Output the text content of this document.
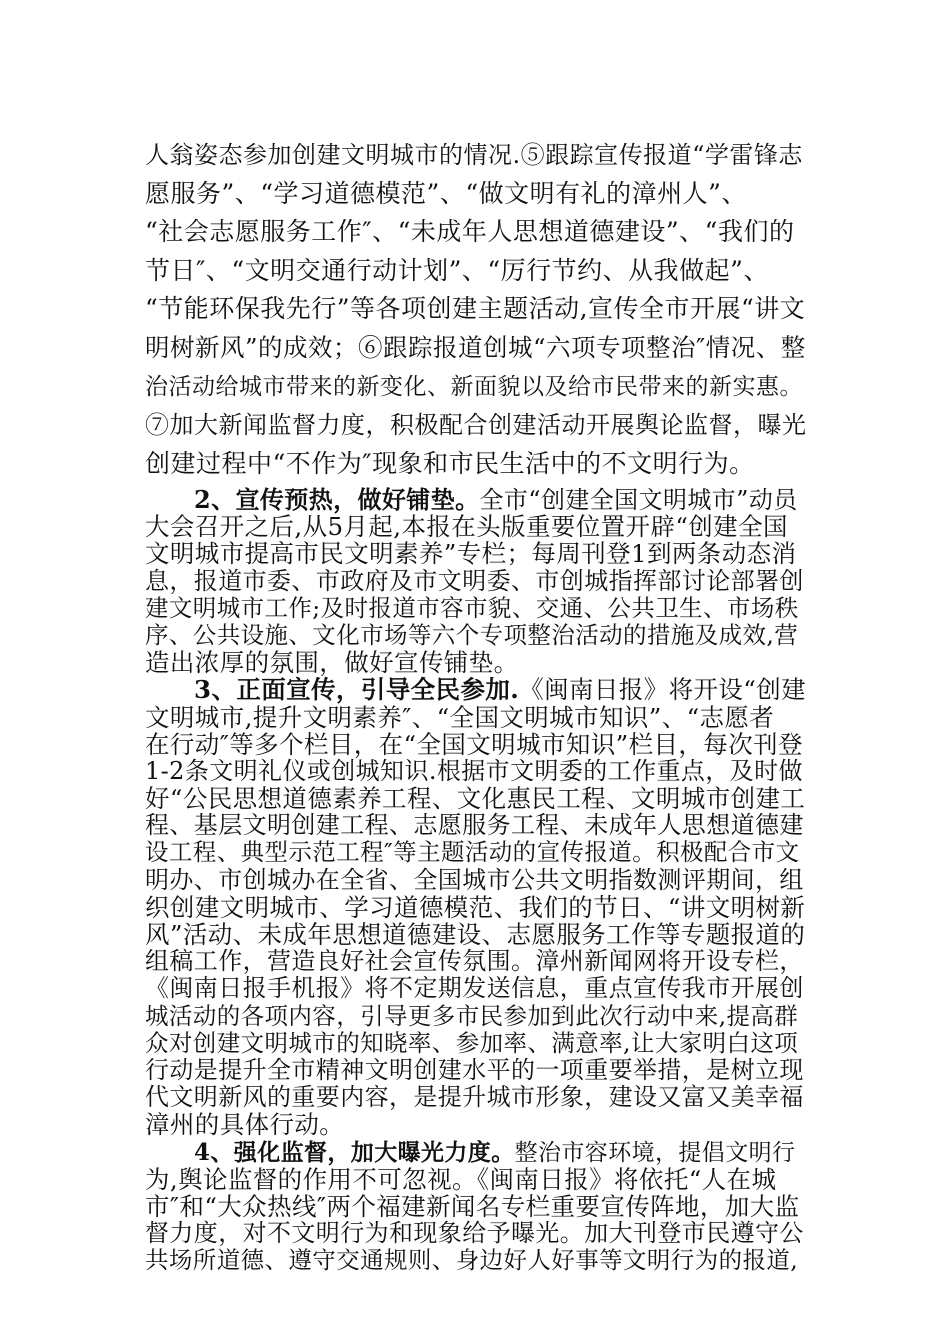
人翁姿态参加创建文明城市的情况.⑤跟踪宣传报道“学雷锋志
愿服务”、“学习道德模范”、“做文明有礼的漳州人”、
“社会志愿服务工作″、“未成年人思想道德建设”、“我们的
节日″、“文明交通行动计划”、“厉行节约、从我做起”、
“节能环保我先行”等各项创建主题活动,宣传全市开展“讲文
明树新风”的成效；⑥跟踪报道创城“六项专项整治″情况、整
治活动给城市带来的新变化、新面貌以及给市民带来的新实惠。
⑦加大新闻监督力度，积极配合创建活动开展舆论监督，曝光
创建过程中“不作为″现象和市民生活中的不文明行为。
2、宣传预热，做好铺垫。全市“创建全国文明城市”动员
大会召开之后,从5月起,本报在头版重要位置开辟“创建全国
文明城市提高市民文明素养”专栏；每周刊登1到两条动态消
息，报道市委、市政府及市文明委、市创城指挥部讨论部署创
建文明城市工作;及时报道市容市貌、交通、公共卫生、市场秩
序、公共设施、文化市场等六个专项整治活动的措施及成效,营
造出浓厚的氛围，做好宣传铺垫。
3、正面宣传，引导全民参加.《闽南日报》将开设“创建
文明城市,提升文明素养″、“全国文明城市知识”、“志愿者
在行动″等多个栏目，在“全国文明城市知识”栏目，每次刊登
1-2条文明礼仪或创城知识.根据市文明委的工作重点，及时做
好“公民思想道德素养工程、文化惠民工程、文明城市创建工
程、基层文明创建工程、志愿服务工程、未成年人思想道德建
设工程、典型示范工程″等主题活动的宣传报道。积极配合市文
明办、市创城办在全省、全国城市公共文明指数测评期间，组
织创建文明城市、学习道德模范、我们的节日、“讲文明树新
风”活动、未成年思想道德建设、志愿服务工作等专题报道的
组稿工作，营造良好社会宣传氛围。漳州新闻网将开设专栏，
《闽南日报手机报》将不定期发送信息，重点宣传我市开展创
城活动的各项内容，引导更多市民参加到此次行动中来,提高群
众对创建文明城市的知晓率、参加率、满意率,让大家明白这项
行动是提升全市精神文明创建水平的一项重要举措，是树立现
代文明新风的重要内容，是提升城市形象，建设又富又美幸福
漳州的具体行动。
4、强化监督，加大曝光力度。整治市容环境，提倡文明行
为,舆论监督的作用不可忽视。《闽南日报》将依托“人在城
市″和“大众热线″两个福建新闻名专栏重要宣传阵地，加大监
督力度，对不文明行为和现象给予曝光。加大刊登市民遵守公
共场所道德、遵守交通规则、身边好人好事等文明行为的报道,
